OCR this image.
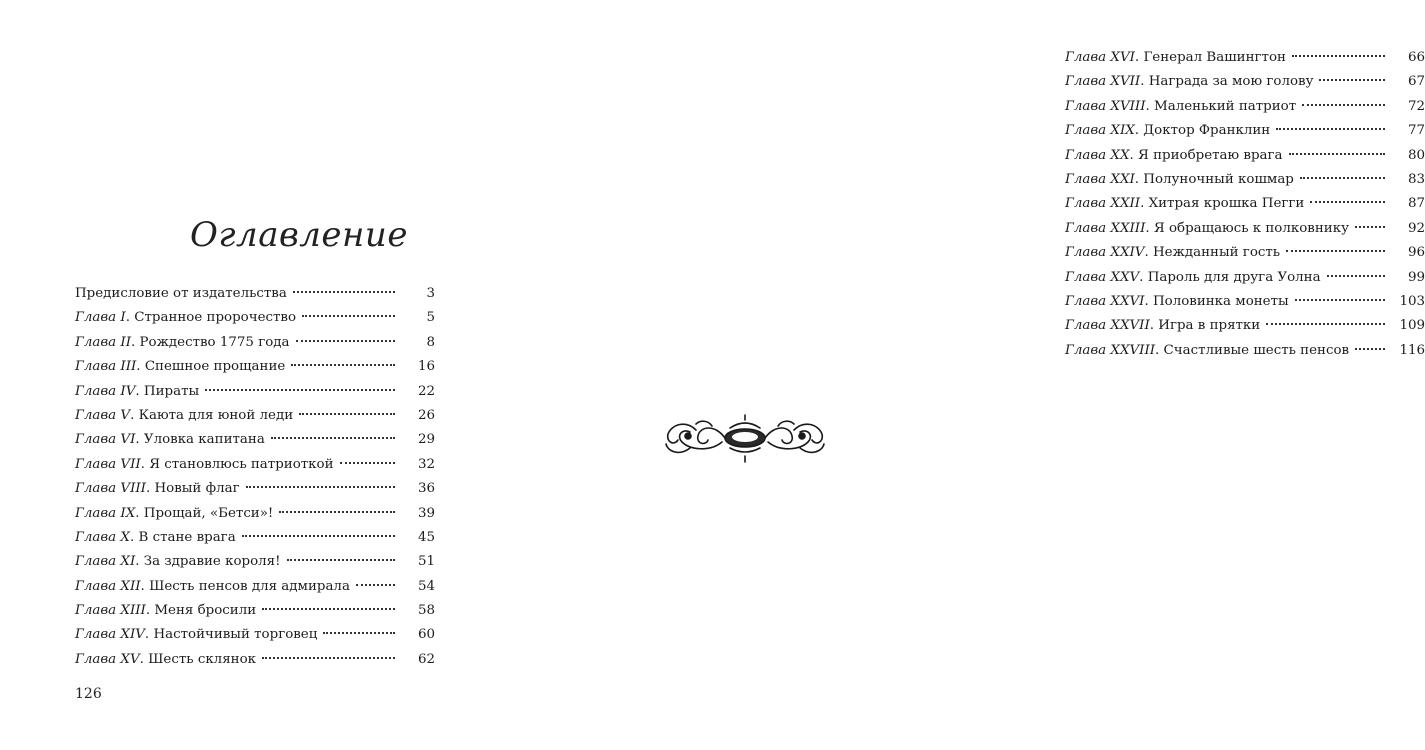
Оглавление
Предисловие от издательства	3
Глава I. Странное пророчество	5
Глава II. Рождество 1775 года	8
Глава III. Спешное прощание	16
Глава IV. Пираты	22
Глава V. Каюта для юной леди	26
Глава VI. Уловка капитана	29
Глава VII. Я становлюсь патриоткой	32
Глава VIII. Новый флаг	36
Глава IX. Прощай, «Бетси»!	39
Глава X. В стане врага	45
Глава XI. За здравие короля!	51
Глава XII. Шесть пенсов для адмирала	54
Глава XIII. Меня бросили	58
Глава XIV. Настойчивый торговец	60
Глава XV. Шесть склянок	62
126
Глава XVI. Генерал Вашингтон	66
Глава XVII. Награда за мою голову	67
Глава XVIII. Маленький патриот	72
Глава XIX. Доктор Франклин	77
Глава XX. Я приобретаю врага	80
Глава XXI. Полуночный кошмар	83
Глава XXII. Хитрая крошка Пегги	87
Глава XXIII. Я обращаюсь к полковнику	92
Глава XXIV. Нежданный гость	96
Глава XXV. Пароль для друга Уолна	99
Глава XXVI. Половинка монеты	103
Глава XXVII. Игра в прятки	109
Глава XXVIII. Счастливые шесть пенсов	116
